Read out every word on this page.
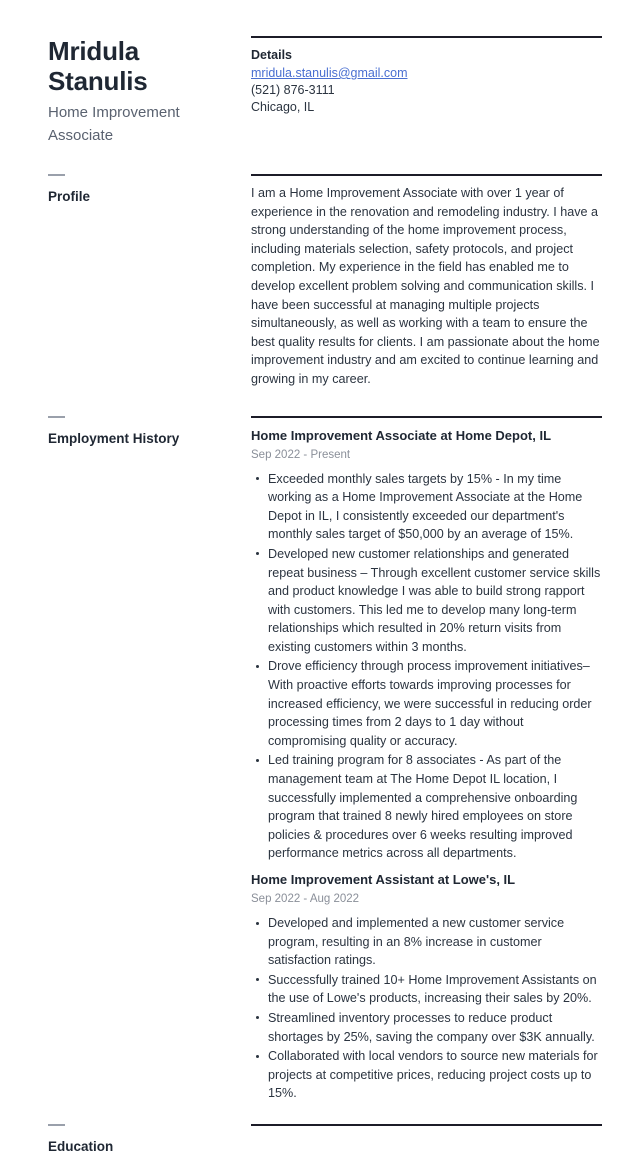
Mridula Stanulis
Home Improvement Associate
Details
mridula.stanulis@gmail.com
(521) 876-3111
Chicago, IL
Profile	I am a Home Improvement Associate with over 1 year of experience in the renovation and remodeling industry. I have a strong understanding of the home improvement process, including materials selection, safety protocols, and project completion. My experience in the field has enabled me to develop excellent problem solving and communication skills. I have been successful at managing multiple projects simultaneously, as well as working with a team to ensure the best quality results for clients. I am passionate about the home improvement industry and am excited to continue learning and growing in my career.
Employment History	Home Improvement Associate at Home Depot, IL
Sep 2022 - Present
Exceeded monthly sales targets by 15% - In my time working as a Home Improvement Associate at the Home Depot in IL, I consistently exceeded our department's monthly sales target of $50,000 by an average of 15%.
Developed new customer relationships and generated repeat business – Through excellent customer service skills and product knowledge I was able to build strong rapport with customers. This led me to develop many long-term relationships which resulted in 20% return visits from existing customers within 3 months.
Drove efficiency through process improvement initiatives– With proactive efforts towards improving processes for increased efficiency, we were successful in reducing order processing times from 2 days to 1 day without compromising quality or accuracy.
Led training program for 8 associates - As part of the management team at The Home Depot IL location, I successfully implemented a comprehensive onboarding program that trained 8 newly hired employees on store policies & procedures over 6 weeks resulting improved performance metrics across all departments.
Home Improvement Assistant at Lowe's, IL
Sep 2022 - Aug 2022
Developed and implemented a new customer service program, resulting in an 8% increase in customer satisfaction ratings.
Successfully trained 10+ Home Improvement Assistants on the use of Lowe's products, increasing their sales by 20%.
Streamlined inventory processes to reduce product shortages by 25%, saving the company over $3K annually.
Collaborated with local vendors to source new materials for projects at competitive prices, reducing project costs up to 15%.
Education
